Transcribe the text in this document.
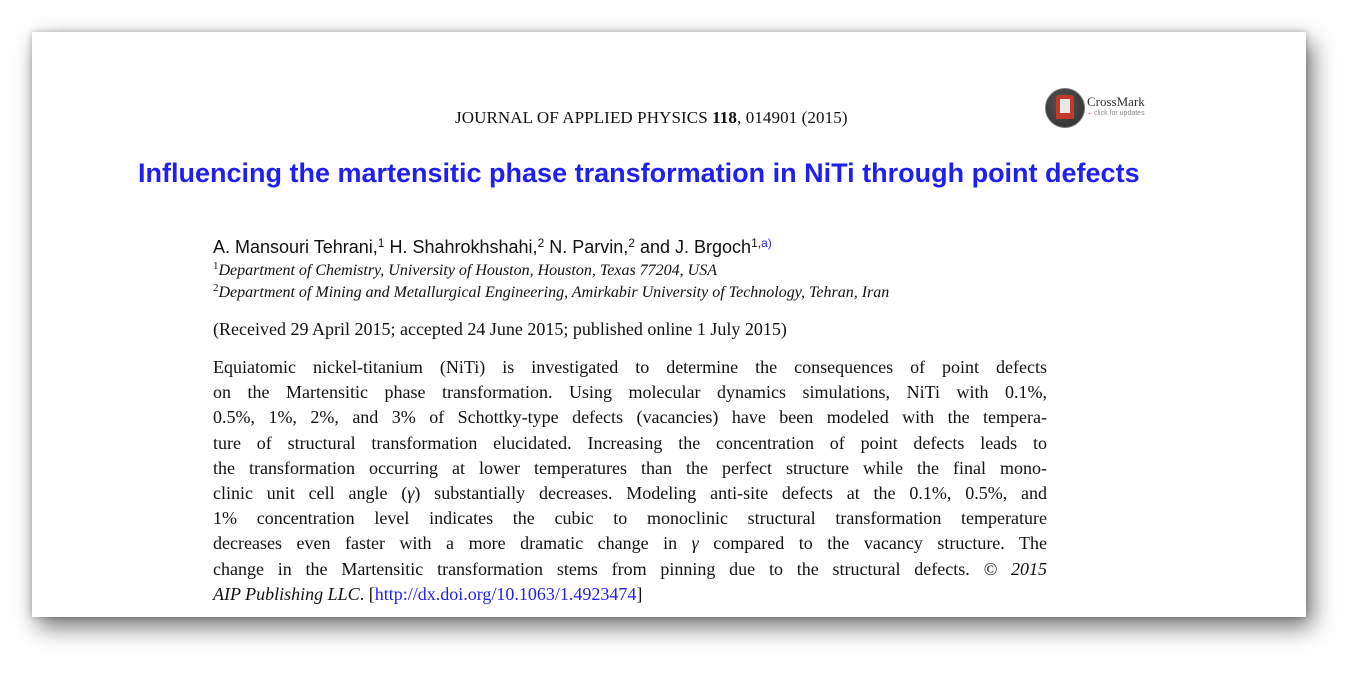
JOURNAL OF APPLIED PHYSICS 118, 014901 (2015)
CrossMark
←click for updates
Influencing the martensitic phase transformation in NiTi through point defects
A. Mansouri Tehrani,$^1$ H. Shahrokhshahi,$^2$ N. Parvin,$^2$ and J. Brgoch$^{1,a)}$
$^1$Department of Chemistry, University of Houston, Houston, Texas 77204, USA
$^2$Department of Mining and Metallurgical Engineering, Amirkabir University of Technology, Tehran, Iran
(Received 29 April 2015; accepted 24 June 2015; published online 1 July 2015)
Equiatomic nickel-titanium (NiTi) is investigated to determine the consequences of point defects
on the Martensitic phase transformation. Using molecular dynamics simulations, NiTi with 0.1%,
0.5%, 1%, 2%, and 3% of Schottky-type defects (vacancies) have been modeled with the tempera-
ture of structural transformation elucidated. Increasing the concentration of point defects leads to
the transformation occurring at lower temperatures than the perfect structure while the final mono-
clinic unit cell angle (γ) substantially decreases. Modeling anti-site defects at the 0.1%, 0.5%, and
1% concentration level indicates the cubic to monoclinic structural transformation temperature
decreases even faster with a more dramatic change in γ compared to the vacancy structure. The
change in the Martensitic transformation stems from pinning due to the structural defects. © 2015
AIP Publishing LLC. [http://dx.doi.org/10.1063/1.4923474]
